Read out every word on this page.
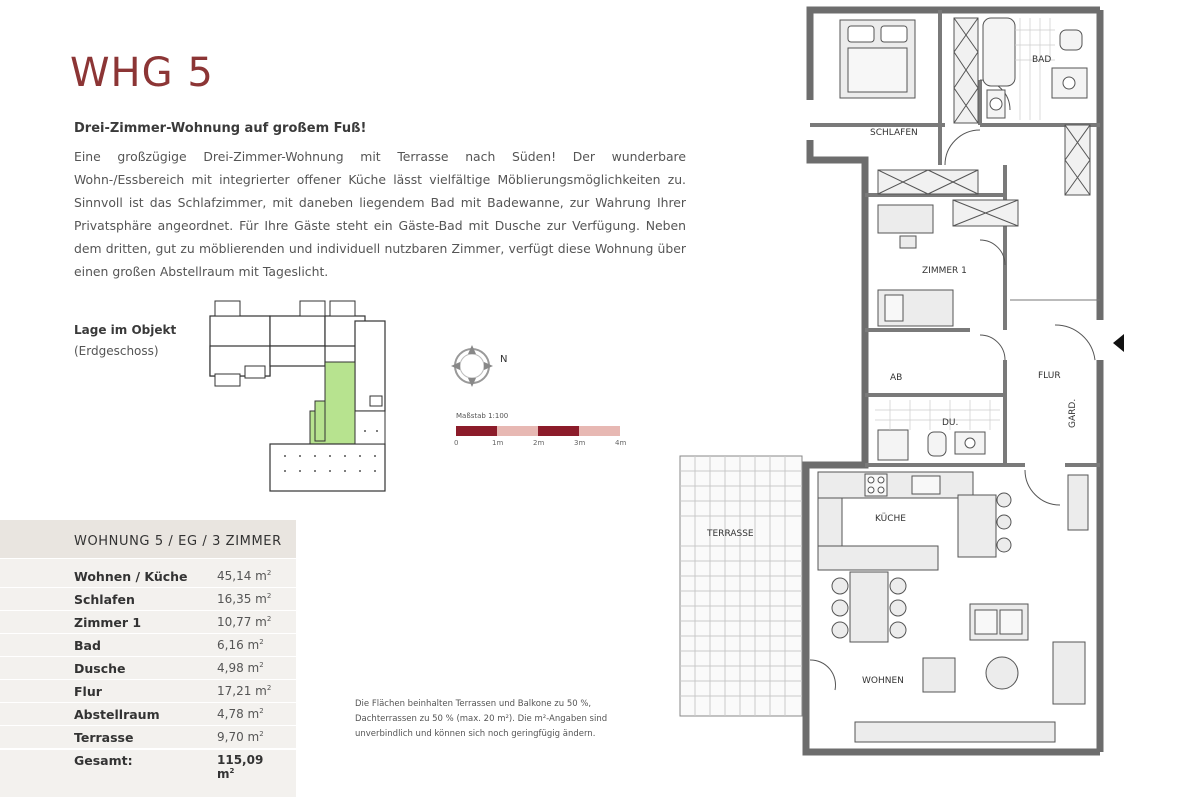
WHG 5
Drei-Zimmer-Wohnung auf großem Fuß!
Eine großzügige Drei-Zimmer-Wohnung mit Terrasse nach Süden! Der wunderbare Wohn-/Essbereich mit integrierter offener Küche lässt vielfältige Möblierungsmöglichkeiten zu. Sinnvoll ist das Schlafzimmer, mit daneben liegendem Bad mit Badewanne, zur Wahrung Ihrer Privatsphäre angeordnet. Für Ihre Gäste steht ein Gäste-Bad mit Dusche zur Verfügung. Neben dem dritten, gut zu möblierenden und individuell nutzbaren Zimmer, verfügt diese Wohnung über einen großen Abstellraum mit Tageslicht.
Lage im Objekt
(Erdgeschoss)
N
Maßstab 1:100
0	1m	2m	3m	4m
WOHNUNG 5 / EG / 3 ZIMMER
Wohnen / Küche 45,14 $m^2$
Schlafen	16,35 $m^2$
Zimmer 1	10,77 $m^2$
Bad	6,16 $m^2$
Dusche	4,98 $m^2$
Flur	17,21 $m^2$
Abstellraum	4,78 $m^2$
Terrasse	9,70 $m^2$
Gesamt:	115,09 $m^2$
Die Flächen beinhalten Terrassen und Balkone zu 50 %, Dachterrassen zu 50 % (max. 20 m²). Die m²-Angaben sind unverbindlich und können sich noch geringfügig ändern.
SCHLAFEN
BAD
ZIMMER 1
AB	FLUR
DU.	GARD.
KÜCHE
TERRASSE
WOHNEN
